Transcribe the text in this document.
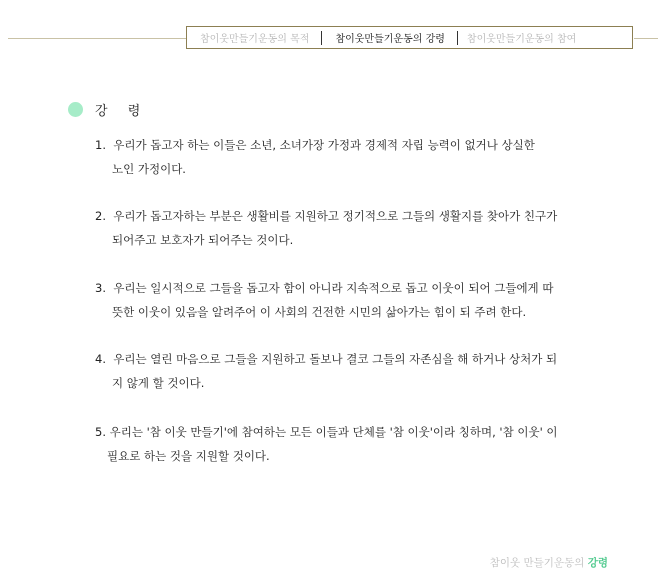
참이웃만들기운동의 목적	참이웃만들기운동의 강령 참이웃만들기운동의 참여
강 령
1. 우리가 돕고자 하는 이들은 소년, 소녀가장 가정과 경제적 자립 능력이 없거나 상실한
노인 가정이다.
2. 우리가 돕고자하는 부분은 생활비를 지원하고 정기적으로 그들의 생활지를 찾아가 친구가
되어주고 보호자가 되어주는 것이다.
3. 우리는 일시적으로 그들을 돕고자 함이 아니라 지속적으로 돕고 이웃이 되어 그들에게 따
뜻한 이웃이 있음을 알려주어 이 사회의 건전한 시민의 삶아가는 힘이 되 주려 한다.
4. 우리는 열린 마음으로 그들을 지원하고 돌보나 결코 그들의 자존심을 해 하거나 상처가 되
지 않게 할 것이다.
5. 우리는 '참 이웃 만들기'에 참여하는 모든 이들과 단체를 '참 이웃'이라 칭하며, '참 이웃' 이
필요로 하는 것을 지원할 것이다.
참이웃 만들기운동의 강령
